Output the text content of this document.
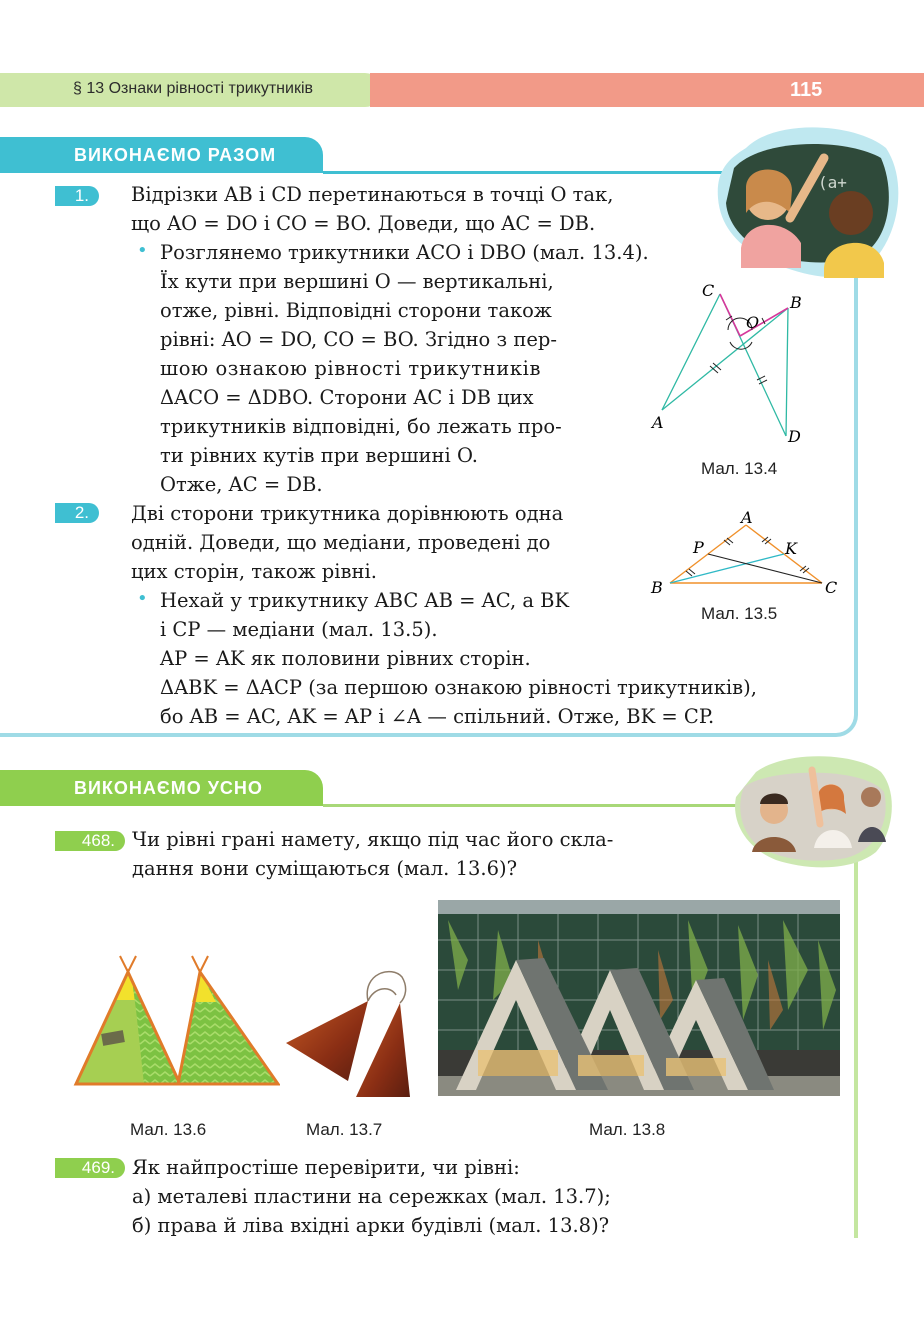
§ 13 Ознаки рівності трикутників	115
ВИКОНАЄМО РАЗОМ
(a+
1.	Відрізки AB і CD перетинаються в точці O так,
що AO = DO і CO = BO. Доведи, що AC = DB.
• Розглянемо трикутники ACO і DBO (мал. 13.4).
Їх кути при вершині O — вертикальні,
отже, рівні. Відповідні сторони також
рівні: AO = DO, CO = BO. Згідно з пер-
шою ознакою рівності трикутників
ΔACO = ΔDBO. Сторони AC і DB цих
трикутників відповідні, бо лежать про-
ти рівних кутів при вершині O.
Отже, AC = DB.
C
B
O
A
D
Мал. 13.4
2.	Дві сторони трикутника дорівнюють одна
одній. Доведи, що медіани, проведені до
цих сторін, також рівні.
• Нехай у трикутнику ABC AB = AC, а BK
і CP — медіани (мал. 13.5).
AP = AK як половини рівних сторін.
ΔABK = ΔACP (за першою ознакою рівності трикутників),
бо AB = AC, AK = AP і ∠A — спільний. Отже, BK = CP.
A
P	K
B	C
Мал. 13.5
ВИКОНАЄМО УСНО
468. Чи рівні грані намету, якщо під час його скла-
дання вони суміщаються (мал. 13.6)?
Мал. 13.6	Мал. 13.7	Мал. 13.8
469. Як найпростіше перевірити, чи рівні:
а) металеві пластини на сережках (мал. 13.7);
б) права й ліва вхідні арки будівлі (мал. 13.8)?
